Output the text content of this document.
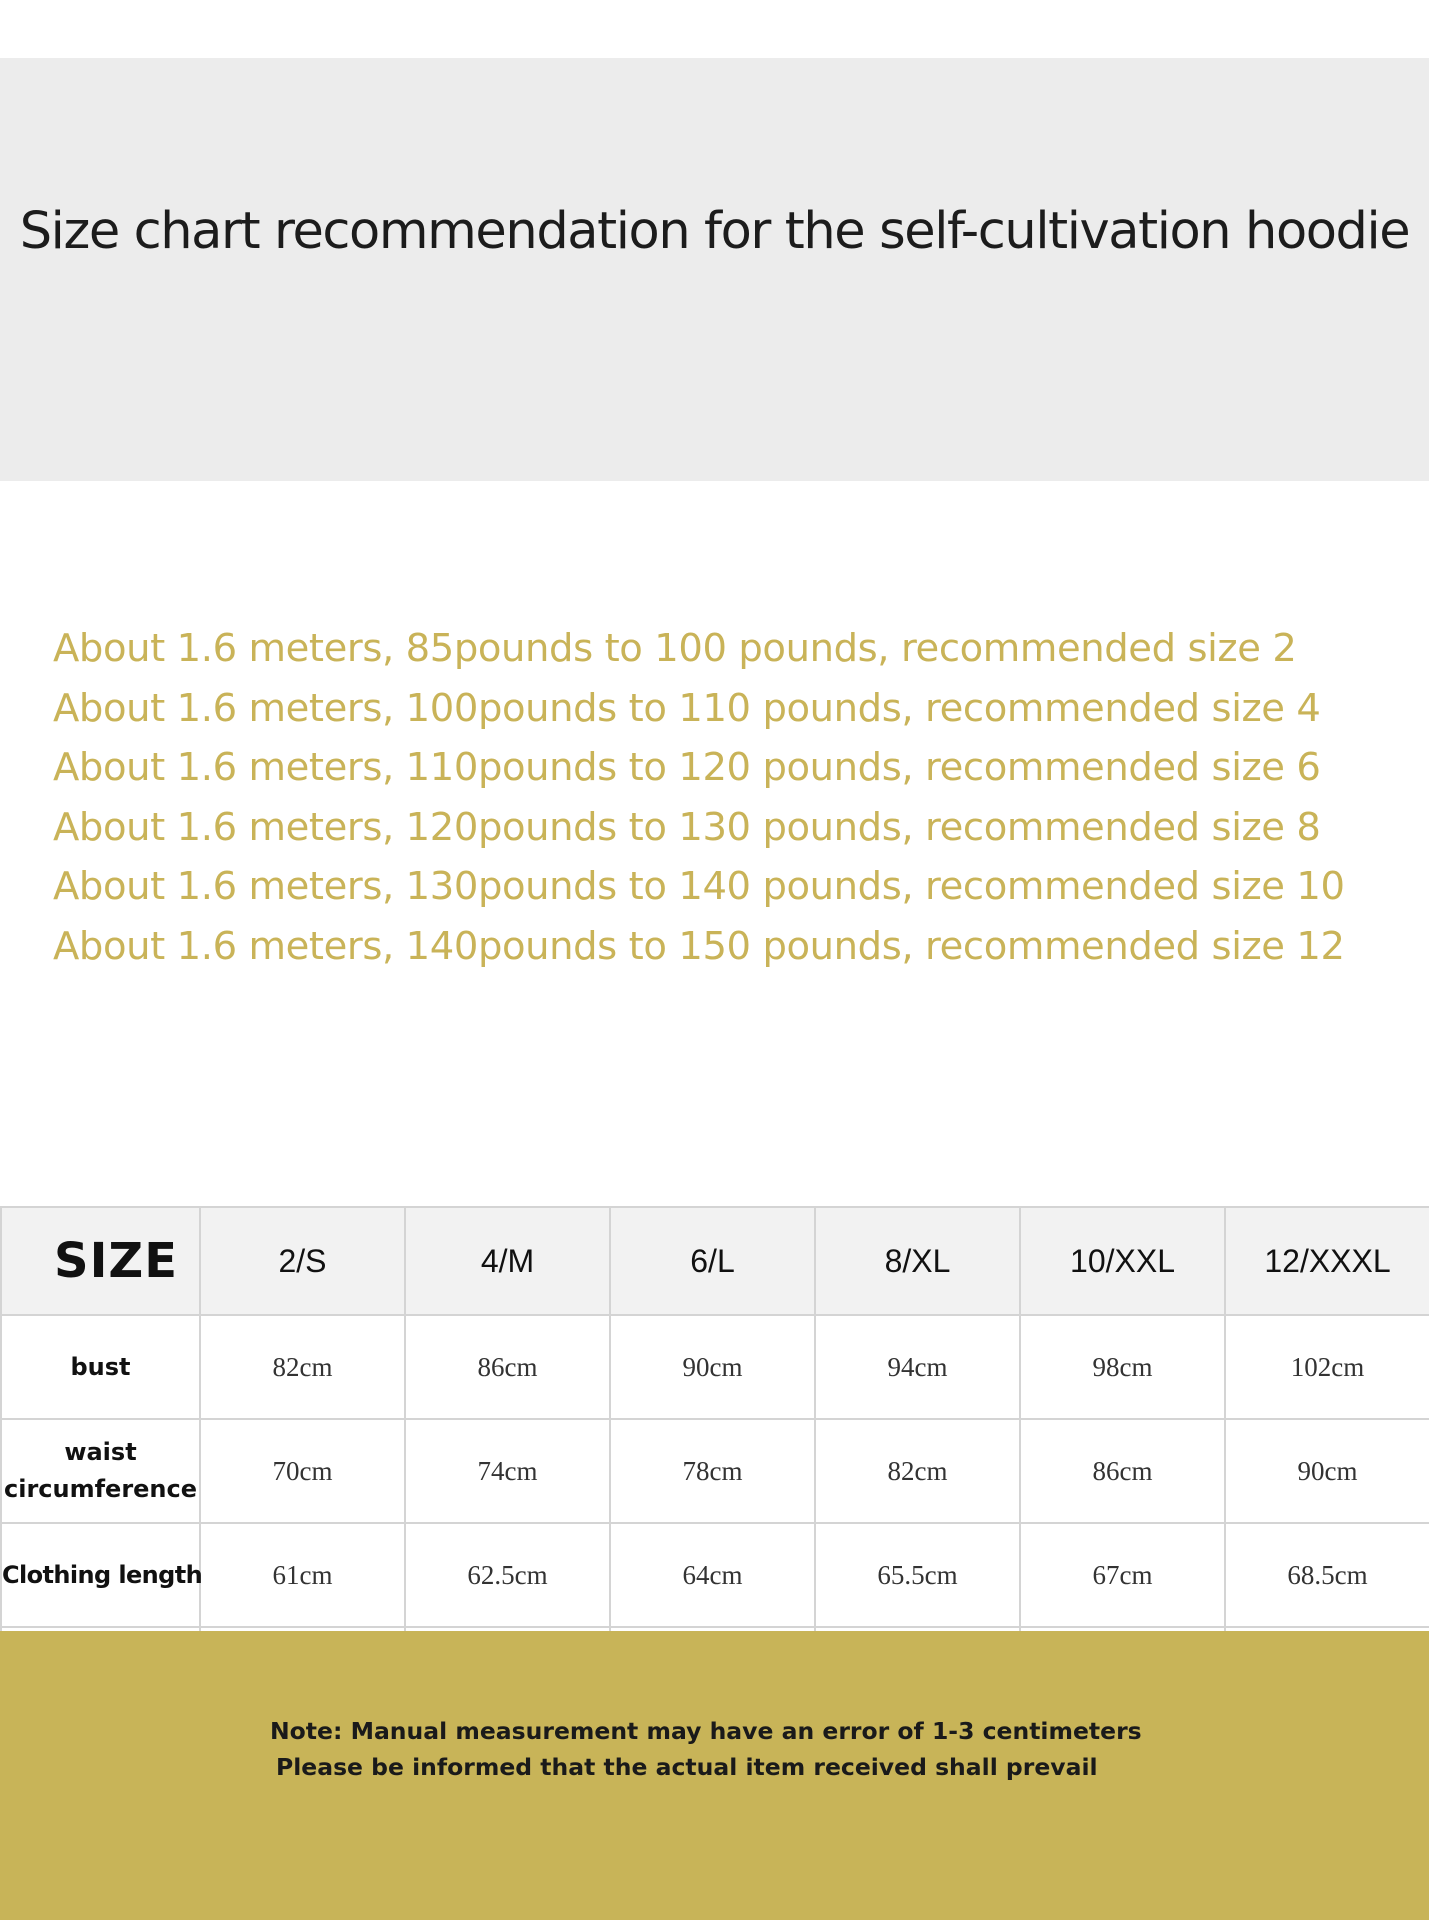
Size chart recommendation for the self-cultivation hoodie
About 1.6 meters, 85pounds to 100 pounds, recommended size 2
About 1.6 meters, 100pounds to 110 pounds, recommended size 4
About 1.6 meters, 110pounds to 120 pounds, recommended size 6
About 1.6 meters, 120pounds to 130 pounds, recommended size 8
About 1.6 meters, 130pounds to 140 pounds, recommended size 10
About 1.6 meters, 140pounds to 150 pounds, recommended size 12
SIZE	2/S	4/M	6/L	8/XL	10/XXL	12/XXXL
bust	82cm	86cm	90cm	94cm	98cm	102cm
waist
circumference	70cm	74cm	78cm	82cm	86cm	90cm
Clothing length	61cm	62.5cm	64cm	65.5cm	67cm	68.5cm

Note: Manual measurement may have an error of 1-3 centimeters
Please be informed that the actual item received shall prevail
